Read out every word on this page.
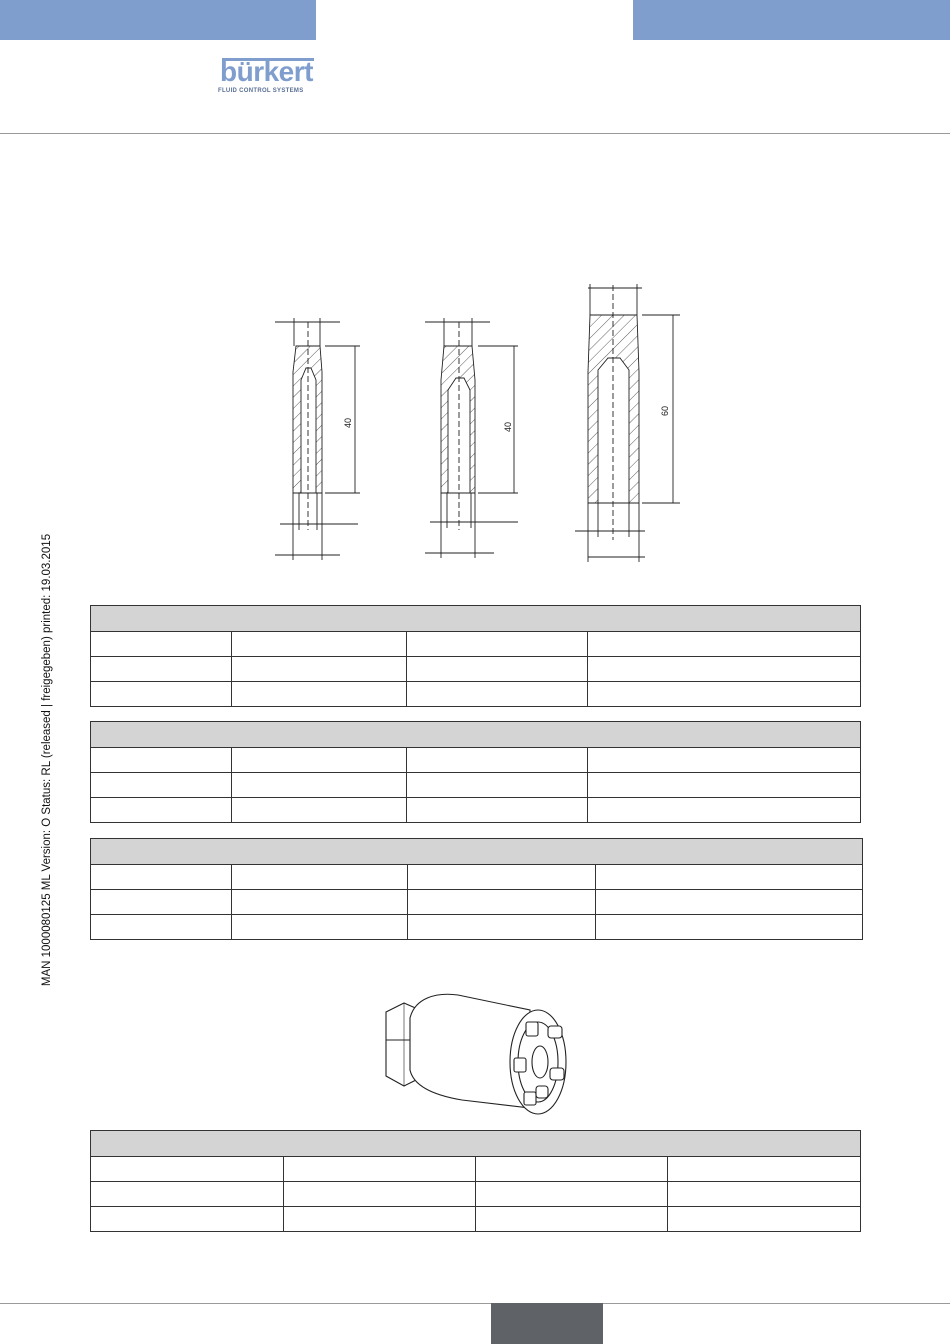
bürkert
FLUID CONTROL SYSTEMS
MAN 1000080125 ML Version: O Status: RL (released | freigegeben) printed: 19.03.2015
40	40
60
